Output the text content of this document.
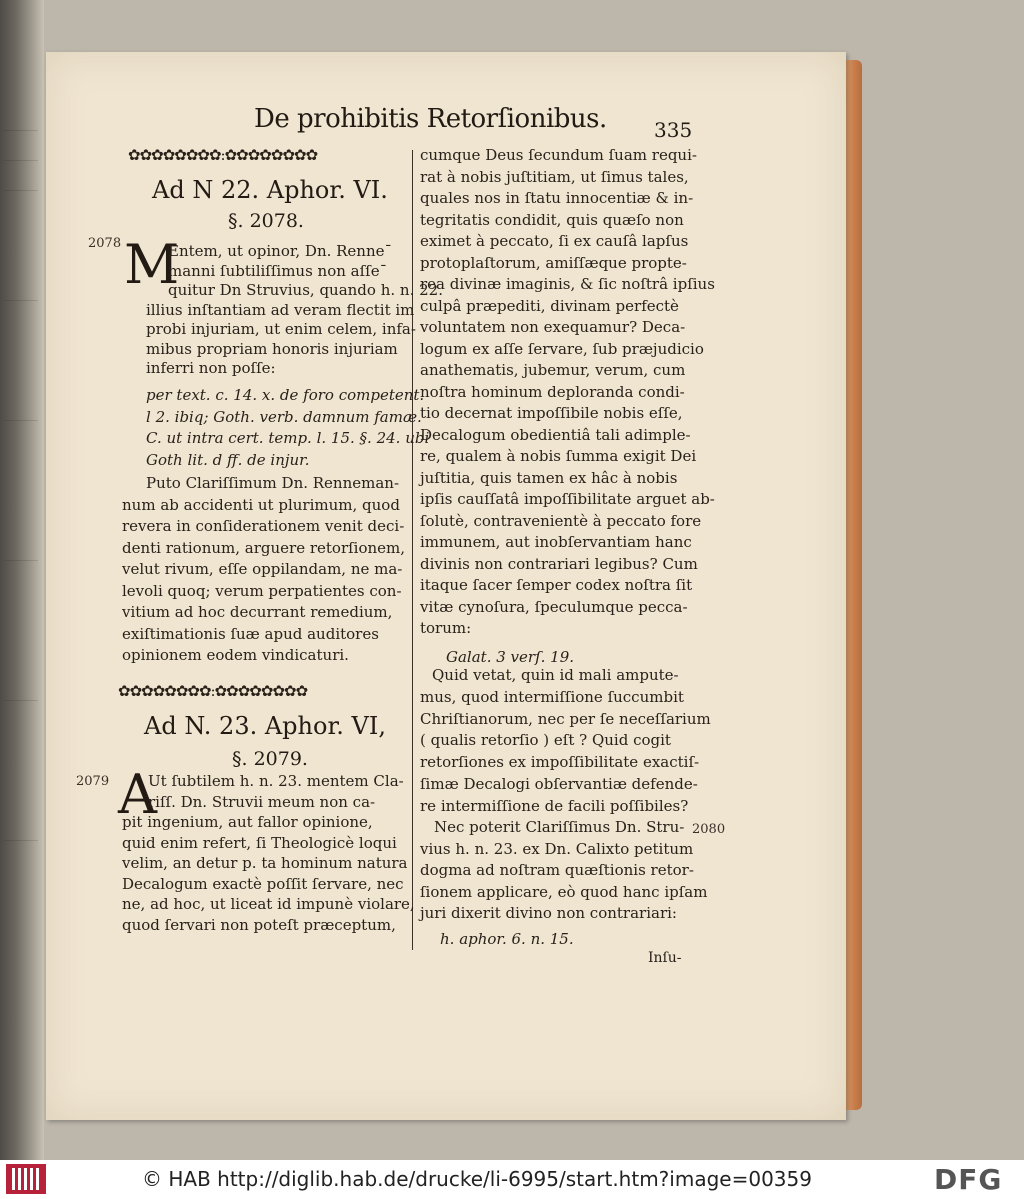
De prohibitis Retorſionibus. 335
✿✿✿✿✿✿✿✿:✿✿✿✿✿✿✿✿
Ad N 22. Aphor. VI.
§. 2078.
2078 M
Entem, ut opinor, Dn. Renne¯
manni ſubtiliſſimus non aſſe¯
quitur Dn Struvius, quando h. n. 22.
illius inſtantiam ad veram flectit im
probi injuriam, ut enim celem, infa-
mibus propriam honoris injuriam
inferri non poſſe:
per text. c. 14. x. de foro competent.
l 2. ibiq; Goth. verb. damnum famæ.
C. ut intra cert. temp. l. 15. §. 24. ubi
Goth lit. d ff. de injur.
Puto Clariſſimum Dn. Renneman-
num ab accidenti ut plurimum, quod
revera in conſiderationem venit deci-
denti rationum, arguere retorſionem,
velut rivum, eſſe oppilandam, ne ma-
levoli quoq; verum perpatientes con-
vitium ad hoc decurrant remedium,
exiſtimationis ſuæ apud auditores
opinionem eodem vindicaturi.
✿✿✿✿✿✿✿✿:✿✿✿✿✿✿✿✿
Ad N. 23. Aphor. VI,
§. 2079.
2079 A
Ut ſubtilem h. n. 23. mentem Cla-
riſſ. Dn. Struvii meum non ca-
pit ingenium, aut fallor opinione,
quid enim refert, ſi Theologicè loqui
velim, an detur p. ta hominum natura
Decalogum exactè poſſit ſervare, nec
ne, ad hoc, ut liceat id impunè violare,
quod ſervari non poteſt præceptum,
cumque Deus ſecundum ſuam requi-
rat à nobis juſtitiam, ut ſimus tales,
quales nos in ſtatu innocentiæ & in-
tegritatis condidit, quis quæſo non
eximet à peccato, ſi ex cauſâ lapſus
protoplaſtorum, amiſſæque propte-
rea divinæ imaginis, & ſic noſtrâ ipſius
culpâ præpediti, divinam perfectè
voluntatem non exequamur? Deca-
logum ex aſſe ſervare, ſub præjudicio
anathematis, jubemur, verum, cum
noſtra hominum deploranda condi-
tio decernat impoſſibile nobis eſſe,
Decalogum obedientiâ tali adimple-
re, qualem à nobis ſumma exigit Dei
juſtitia, quis tamen ex hâc à nobis
ipſis cauſſatâ impoſſibilitate arguet ab-
ſolutè, contravenientè à peccato fore
immunem, aut inobſervantiam hanc
divinis non contrariari legibus? Cum
itaque ſacer ſemper codex noſtra ſit
vitæ cynoſura, ſpeculumque pecca-
torum:
Galat. 3 verſ. 19.
Quid vetat, quin id mali ampute-
mus, quod intermiſſione ſuccumbit
Chriſtianorum, nec per ſe neceſſarium
( qualis retorſio ) eſt ? Quid cogit
retorſiones ex impoſſibilitate exactiſ-
ſimæ Decalogi obſervantiæ defende-
re intermiſſione de facili poſſibiles?
Nec poterit Clariſſimus Dn. Stru-
vius h. n. 23. ex Dn. Calixto petitum
dogma ad noſtram quæſtionis retor-
ſionem applicare, eò quod hanc ipſam
juri dixerit divino non contrariari:
2080
h. aphor. 6. n. 15.
Inſu-
© HAB http://diglib.hab.de/drucke/li-6995/start.htm?image=00359	DFG
